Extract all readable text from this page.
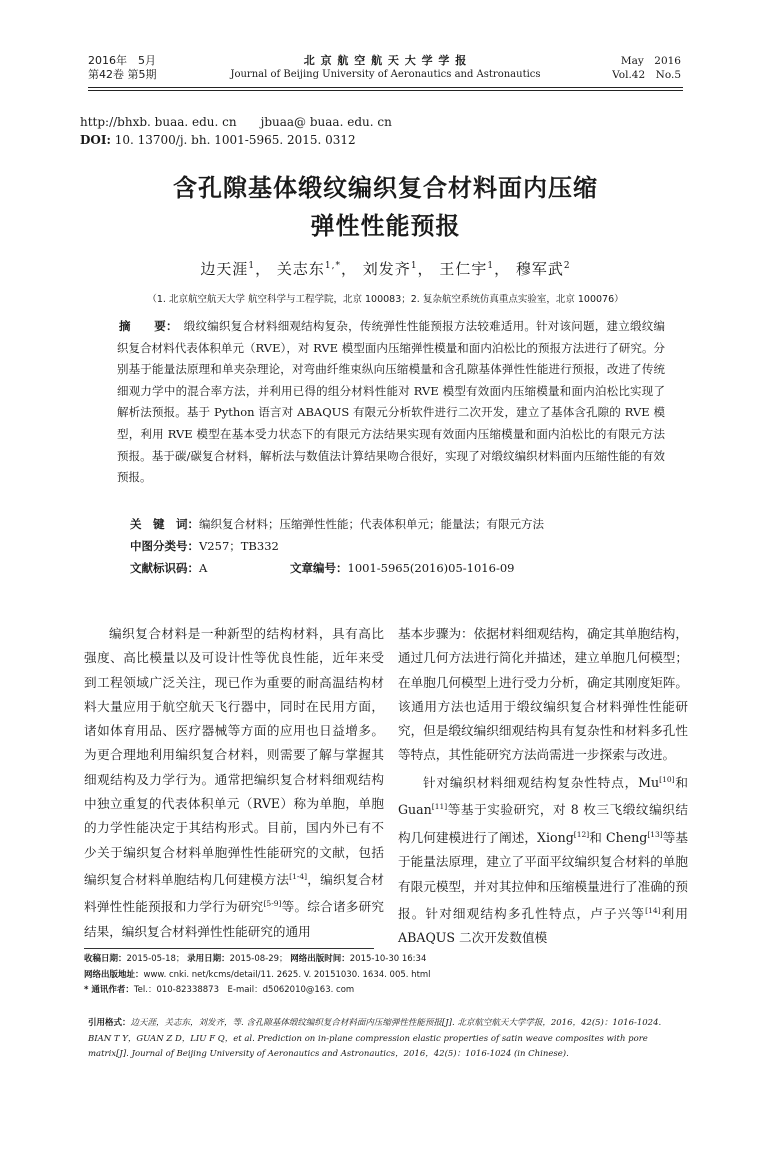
2016年　5月
第42卷 第5期
北 京 航 空 航 天 大 学 学 报
Journal of Beijing University of Aeronautics and Astronautics
May　2016
Vol.42　No.5
http://bhxb. buaa. edu. cn　　jbuaa@ buaa. edu. cn
DOI: 10. 13700/j. bh. 1001-5965. 2015. 0312
含孔隙基体缎纹编织复合材料面内压缩
弹性性能预报
边天涯$^1$， 关志东$^{1,*}$， 刘发齐$^1$， 王仁宇$^1$， 穆军武$^2$
（1. 北京航空航天大学 航空科学与工程学院，北京 100083；2. 复杂航空系统仿真重点实验室，北京 100076）
摘　　要： 缎纹编织复合材料细观结构复杂，传统弹性性能预报方法较难适用。针对该问题，建立缎纹编织复合材料代表体积单元（RVE），对 RVE 模型面内压缩弹性模量和面内泊松比的预报方法进行了研究。分别基于能量法原理和单夹杂理论，对弯曲纤维束纵向压缩模量和含孔隙基体弹性性能进行预报，改进了传统细观力学中的混合率方法，并利用已得的组分材料性能对 RVE 模型有效面内压缩模量和面内泊松比实现了解析法预报。基于 Python 语言对 ABAQUS 有限元分析软件进行二次开发，建立了基体含孔隙的 RVE 模型，利用 RVE 模型在基本受力状态下的有限元方法结果实现有效面内压缩模量和面内泊松比的有限元方法预报。基于碳/碳复合材料，解析法与数值法计算结果吻合很好，实现了对缎纹编织材料面内压缩性能的有效预报。
关　键　词：编织复合材料；压缩弹性性能；代表体积单元；能量法；有限元方法
中图分类号：V257；TB332
文献标识码：A	文章编号：1001-5965(2016)05-1016-09

编织复合材料是一种新型的结构材料，具有高比强度、高比模量以及可设计性等优良性能，近年来受到工程领域广泛关注，现已作为重要的耐高温结构材料大量应用于航空航天飞行器中，同时在民用方面，诸如体育用品、医疗器械等方面的应用也日益增多。为更合理地利用编织复合材料，则需要了解与掌握其细观结构及力学行为。通常把编织复合材料细观结构中独立重复的代表体积单元（RVE）称为单胞，单胞的力学性能决定于其结构形式。目前，国内外已有不少关于编织复合材料单胞弹性性能研究的文献，包括编织复合材料单胞结构几何建模方法[1-4]，编织复合材料弹性性能预报和力学行为研究[5-9]等。综合诸多研究结果，编织复合材料弹性性能研究的通用

基本步骤为：依据材料细观结构，确定其单胞结构，通过几何方法进行简化并描述，建立单胞几何模型；在单胞几何模型上进行受力分析，确定其刚度矩阵。该通用方法也适用于缎纹编织复合材料弹性性能研究，但是缎纹编织细观结构具有复杂性和材料多孔性等特点，其性能研究方法尚需进一步探索与改进。

针对编织材料细观结构复杂性特点，Mu[10]和 Guan[11]等基于实验研究，对 8 枚三飞缎纹编织结构几何建模进行了阐述，Xiong[12]和 Cheng[13]等基于能量法原理，建立了平面平纹编织复合材料的单胞有限元模型，并对其拉伸和压缩模量进行了准确的预报。针对细观结构多孔性特点，卢子兴等[14]利用 ABAQUS 二次开发数值模

收稿日期：2015-05-18； 录用日期：2015-08-29； 网络出版时间：2015-10-30 16:34
网络出版地址：www. cnki. net/kcms/detail/11. 2625. V. 20151030. 1634. 005. html
* 通讯作者：Tel.：010-82338873　E-mail：d5062010@163. com
引用格式：边天涯，关志东，刘发齐，等. 含孔隙基体缎纹编织复合材料面内压缩弹性性能预报[J]. 北京航空航天大学学报，2016，42(5)：1016-1024. BIAN T Y，GUAN Z D，LIU F Q，et al. Prediction on in-plane compression elastic properties of satin weave composites with pore matrix[J]. Journal of Beijing University of Aeronautics and Astronautics，2016，42(5)：1016-1024 (in Chinese).
